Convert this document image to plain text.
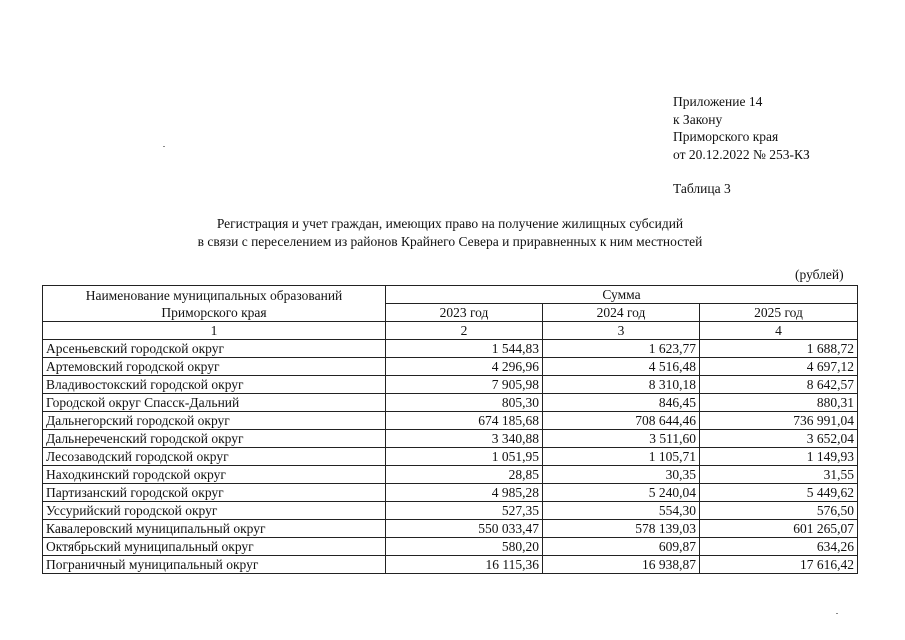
Приложение 14
к Закону
Приморского края
от 20.12.2022 № 253-КЗ
Таблица 3
Регистрация и учет граждан, имеющих право на получение жилищных субсидий
в связи с переселением из районов Крайнего Севера и приравненных к ним местностей
(рублей)
Наименование муниципальных образований
Приморского края	Сумма		
	2023 год	2024 год	2025 год
1	2	3	4
Арсеньевский городской округ	1 544,83	1 623,77	1 688,72
Артемовский городской округ	4 296,96	4 516,48	4 697,12
Владивостокский городской округ	7 905,98	8 310,18	8 642,57
Городской округ Спасск-Дальний	805,30	846,45	880,31
Дальнегорский городской округ	674 185,68	708 644,46	736 991,04
Дальнереченский городской округ	3 340,88	3 511,60	3 652,04
Лесозаводский городской округ	1 051,95	1 105,71	1 149,93
Находкинский городской округ	28,85	30,35	31,55
Партизанский городской округ	4 985,28	5 240,04	5 449,62
Уссурийский городской округ	527,35	554,30	576,50
Кавалеровский муниципальный округ	550 033,47	578 139,03	601 265,07
Октябрьский муниципальный округ	580,20	609,87	634,26
Пограничный муниципальный округ	16 115,36	16 938,87	17 616,42
